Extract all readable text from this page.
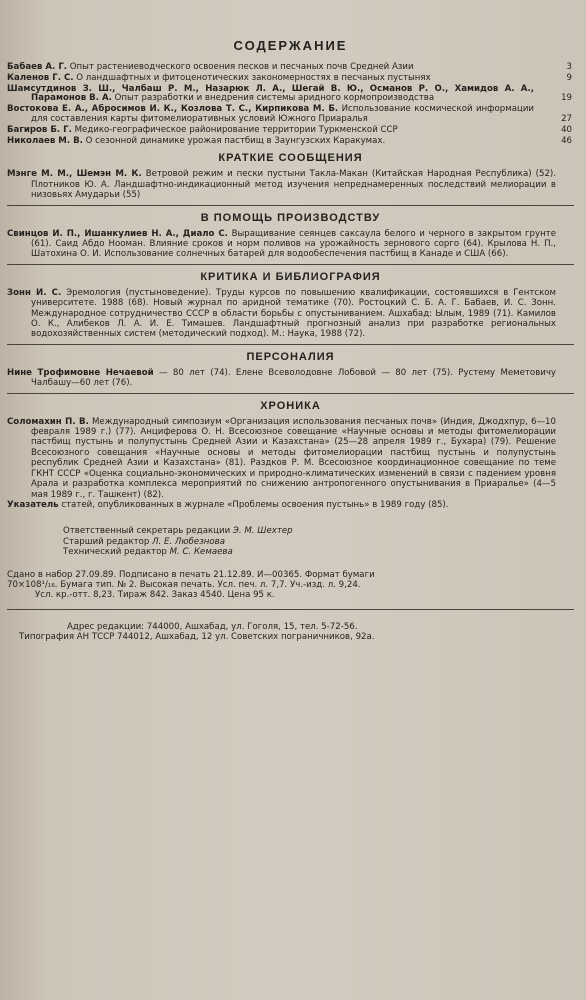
СОДЕРЖАНИЕ
Бабаев А. Г. Опыт растениеводческого освоения песков и песчаных почв Средней Азии	3
Каленов Г. С. О ландшафтных и фитоценотических закономерностях в песчаных пустынях	9
Шамсутдинов З. Ш., Чалбаш Р. М., Назарюк Л. А., Шегай В. Ю., Османов Р. О., Хамидов А. А., Парамонов В. А. Опыт разработки и внедрения системы аридного кормопроизводства	19
Востокова Е. А., Абросимов И. К., Козлова Т. С., Кирпикова М. Б. Использование космической информации для составления карты фитомелиоративных условий Южного Приаралья	27
Багиров Б. Г. Медико-географическое районирование территории Туркменской ССР	40
Николаев М. В. О сезонной динамике урожая пастбищ в Заунгузских Каракумах.	46
КРАТКИЕ СООБЩЕНИЯ

Мэнге М. М., Шемэн М. К. Ветровой режим и пески пустыни Такла-Макан (Китайская Народная Республика) (52). Плотников Ю. А. Ландшафтно-индикационный метод изучения непреднамеренных последствий мелиорации в низовьях Амударьи (55)

В ПОМОЩЬ ПРОИЗВОДСТВУ

Свинцов И. П., Ишанкулиев Н. А., Диало С. Выращивание сеянцев саксаула белого и черного в закрытом грунте (61). Саид Абдо Нооман. Влияние сроков и норм поливов на урожайность зернового сорго (64). Крылова Н. П., Шатохина О. И. Использование солнечных батарей для водообеспечения пастбищ в Канаде и США (66).

КРИТИКА И БИБЛИОГРАФИЯ

Зонн И. С. Эремология (пустыноведение). Труды курсов по повышению квалификации, состоявшихся в Гентском университете. 1988 (68). Новый журнал по аридной тематике (70). Ростоцкий С. Б. А. Г. Бабаев, И. С. Зонн. Международное сотрудничество СССР в области борьбы с опустыниванием. Ашхабад: Ылым, 1989 (71). Камилов О. К., Алибеков Л. А. И. Е. Тимашев. Ландшафтный прогнозный анализ при разработке региональных водохозяйственных систем (методический подход). М.: Наука, 1988 (72).

ПЕРСОНАЛИЯ

Нине Трофимовне Нечаевой — 80 лет (74). Елене Всеволодовне Лобовой — 80 лет (75). Рустему Меметовичу Чалбашу—60 лет (76).

ХРОНИКА

Соломахин П. В. Международный симпозиум «Организация использования песчаных почв» (Индия, Джодхпур, 6—10 февраля 1989 г.) (77). Анциферова О. Н. Всесоюзное совещание «Научные основы и методы фитомелиорации пастбищ пустынь и полупустынь Средней Азии и Казахстана» (25—28 апреля 1989 г., Бухара) (79). Решение Всесоюзного совещания «Научные основы и методы фитомелиорации пастбищ пустынь и полупустынь республик Средней Азии и Казахстана» (81). Раздков Р. М. Всесоюзное координационное совещание по теме ГКНТ СССР «Оценка социально-экономических и природно-климатических изменений в связи с падением уровня Арала и разработка комплекса мероприятий по снижению антропогенного опустынивания в Приаралье» (4—5 мая 1989 г., г. Ташкент) (82).

Указатель статей, опубликованных в журнале «Проблемы освоения пустынь» в 1989 году (85).

Ответственный секретарь редакции Э. М. Шехтер
Старший редактор Л. Е. Любезнова
Технический редактор М. С. Кемаева
Сдано в набор 27.09.89. Подписано в печать 21.12.89. И—00365. Формат бумаги
70×108¹/₁₆. Бумага тип. № 2. Высокая печать. Усл. печ. л. 7,7. Уч.-изд. л. 9,24.
Усл. кр.-отт. 8,23. Тираж 842. Заказ 4540. Цена 95 к.
Адрес редакции: 744000, Ашхабад, ул. Гоголя, 15, тел. 5-72-56.
Типография АН ТССР 744012, Ашхабад, 12 ул. Советских пограничников, 92а.
